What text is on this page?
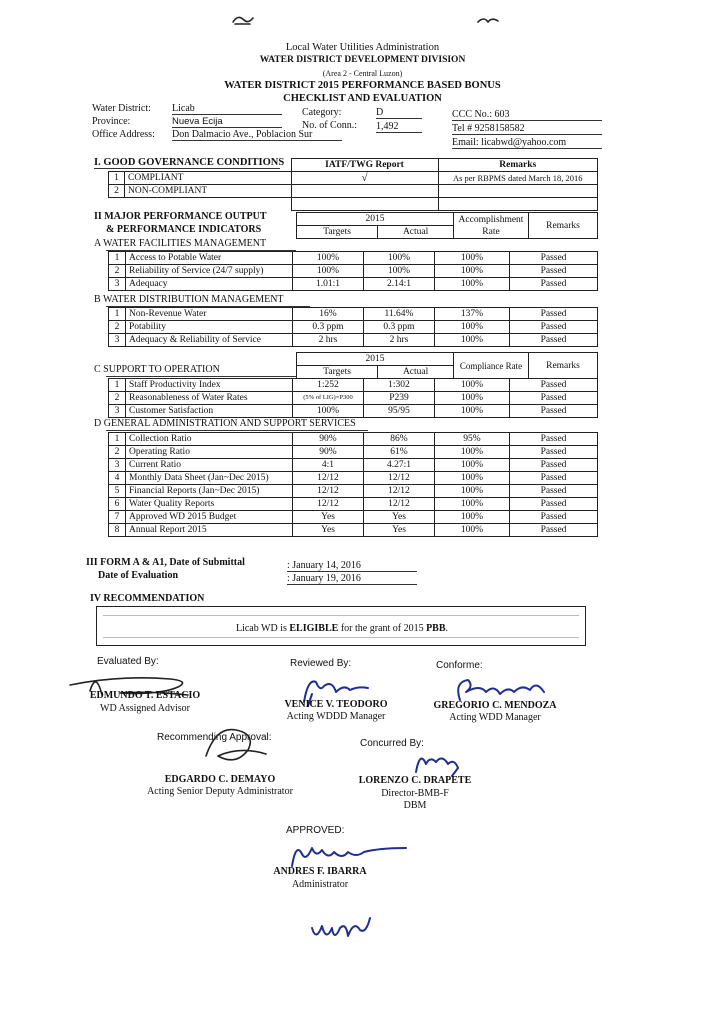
Local Water Utilities Administration
WATER DISTRICT DEVELOPMENT DIVISION
(Area 2 - Central Luzon)
WATER DISTRICT 2015 PERFORMANCE BASED BONUS
CHECKLIST AND EVALUATION
Water District: Licab
Province:	Nueva Ecija
Office Address: Don Dalmacio Ave., Poblacion Sur
Category:	D
No. of Conn.: 1,492
CCC No.: 603
Tel # 9258158582
Email: licabwd@yahoo.com
I. GOOD GOVERNANCE CONDITIONS
			IATF/TWG Report	Remarks
1	COMPLIANT	√	As per RBPMS dated March 18, 2016
2	NON-COMPLIANT		

II MAJOR PERFORMANCE OUTPUT
& PERFORMANCE INDICATORS
2015		Accomplishment Rate	Remarks
Targets	Actual		
A WATER FACILITIES MANAGEMENT
1	Access to Potable Water	100%	100%	100%	Passed
2	Reliability of Service (24/7 supply)	100%	100%	100%	Passed
3	Adequacy	1.01:1	2.14:1	100%	Passed
B WATER DISTRIBUTION MANAGEMENT
1	Non-Revenue Water	16%	11.64%	137%	Passed
2	Potability	0.3 ppm	0.3 ppm	100%	Passed
3	Adequacy & Reliability of Service	2 hrs	2 hrs	100%	Passed
2015		Compliance Rate	Remarks
Targets	Actual		
C SUPPORT TO OPERATION
1	Staff Productivity Index	1:252	1:302	100%	Passed
2	Reasonableness of Water Rates	(5% of LIG)=P300	P239	100%	Passed
3	Customer Satisfaction	100%	95/95	100%	Passed
D GENERAL ADMINISTRATION AND SUPPORT SERVICES
1	Collection Ratio	90%	86%	95%	Passed
2	Operating Ratio	90%	61%	100%	Passed
3	Current Ratio	4:1	4.27:1	100%	Passed
4	Monthly Data Sheet (Jan~Dec 2015)	12/12	12/12	100%	Passed
5	Financial Reports (Jan~Dec 2015)	12/12	12/12	100%	Passed
6	Water Quality Reports	12/12	12/12	100%	Passed
7	Approved WD 2015 Budget	Yes	Yes	100%	Passed
8	Annual Report 2015	Yes	Yes	100%	Passed
III FORM A & A1, Date of Submittal
Date of Evaluation
: January 14, 2016
: January 19, 2016
IV RECOMMENDATION
Licab WD is ELIGIBLE for the grant of 2015 PBB.
Evaluated By:
EDMUNDO T. ESTACIO
WD Assigned Advisor
Reviewed By:
VENICE V. TEODORO
Acting WDDD Manager
Conforme:
GREGORIO C. MENDOZA
Acting WDD Manager
Recommending Approval:
EDGARDO C. DEMAYO
Acting Senior Deputy Administrator
Concurred By:
LORENZO C. DRAPETE
Director-BMB-F
DBM
APPROVED:
ANDRES F. IBARRA
Administrator
